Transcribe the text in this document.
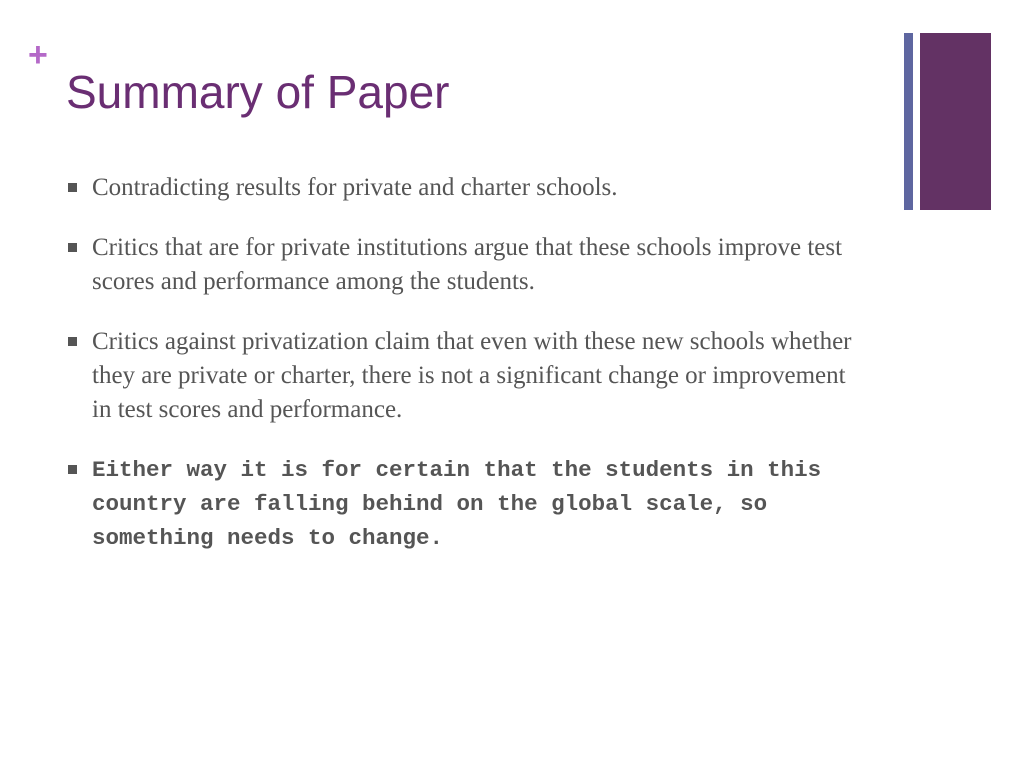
+
Summary of Paper
Contradicting results for private and charter schools.
Critics that are for private institutions argue that these schools improve test scores and performance among the students.
Critics against privatization claim that even with these new schools whether they are private or charter, there is not a significant change or improvement in test scores and performance.
Either way it is for certain that the students in this country are falling behind on the global scale, so something needs to change.
